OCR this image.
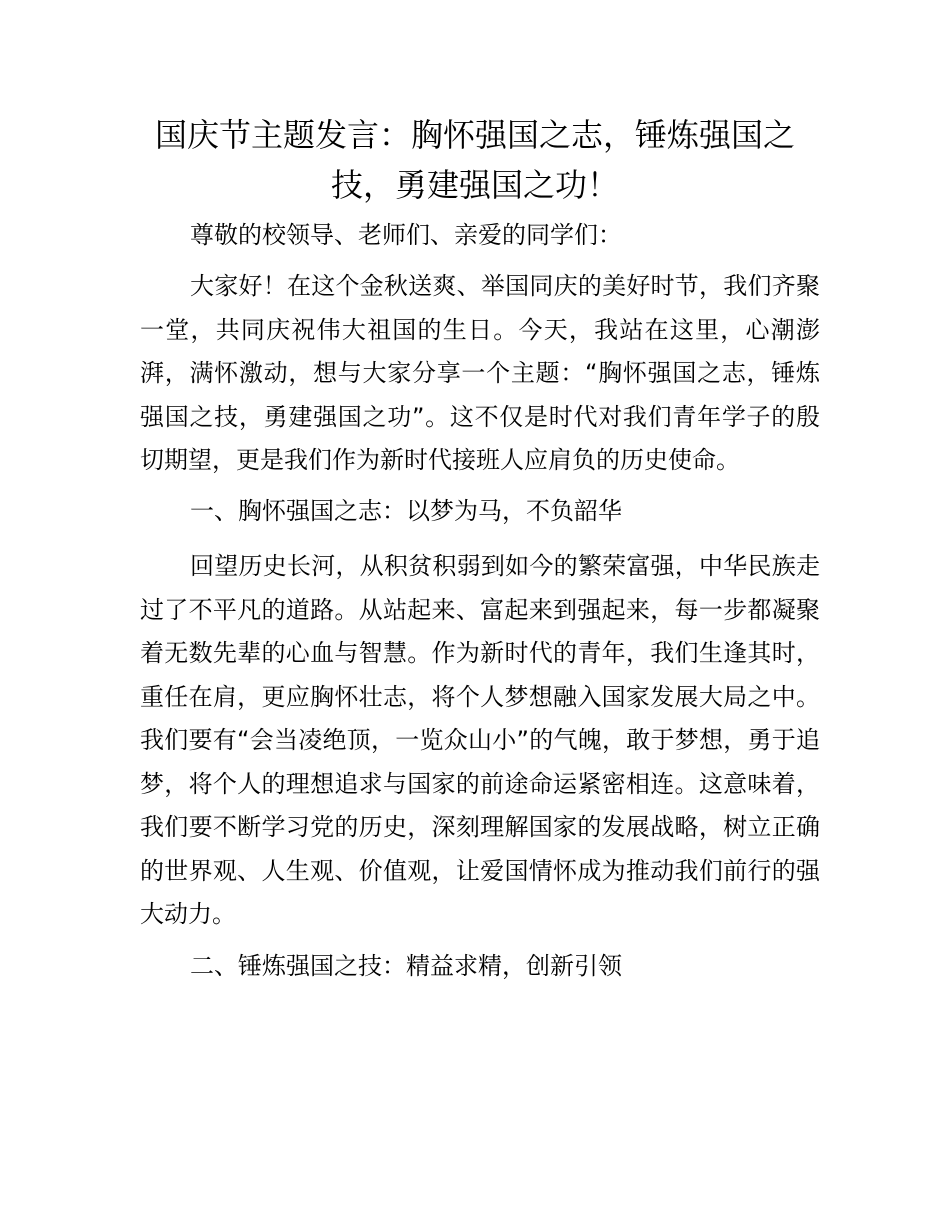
国庆节主题发言：胸怀强国之志，锤炼强国之技，勇建强国之功！

尊敬的校领导、老师们、亲爱的同学们：

大家好！在这个金秋送爽、举国同庆的美好时节，我们齐聚一堂，共同庆祝伟大祖国的生日。今天，我站在这里，心潮澎湃，满怀激动，想与大家分享一个主题：“胸怀强国之志，锤炼强国之技，勇建强国之功”。这不仅是时代对我们青年学子的殷切期望，更是我们作为新时代接班人应肩负的历史使命。

一、胸怀强国之志：以梦为马，不负韶华

回望历史长河，从积贫积弱到如今的繁荣富强，中华民族走过了不平凡的道路。从站起来、富起来到强起来，每一步都凝聚着无数先辈的心血与智慧。作为新时代的青年，我们生逢其时，重任在肩，更应胸怀壮志，将个人梦想融入国家发展大局之中。我们要有“会当凌绝顶，一览众山小”的气魄，敢于梦想，勇于追梦，将个人的理想追求与国家的前途命运紧密相连。这意味着，我们要不断学习党的历史，深刻理解国家的发展战略，树立正确的世界观、人生观、价值观，让爱国情怀成为推动我们前行的强大动力。

二、锤炼强国之技：精益求精，创新引领
